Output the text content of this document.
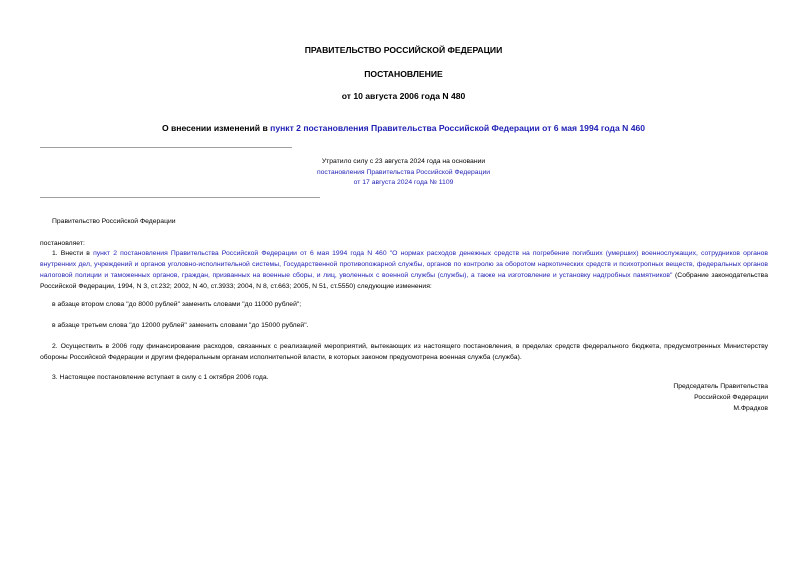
ПРАВИТЕЛЬСТВО РОССИЙСКОЙ ФЕДЕРАЦИИ
ПОСТАНОВЛЕНИЕ
от 10 августа 2006 года N 480
О внесении изменений в пункт 2 постановления Правительства Российской Федерации от 6 мая 1994 года N 460
Утратило силу с 23 августа 2024 года на основании
постановления Правительства Российской Федерации
от 17 августа 2024 года № 1109
Правительство Российской Федерации
постановляет:
1. Внести в пункт 2 постановления Правительства Российской Федерации от 6 мая 1994 года N 460 "О нормах расходов денежных средств на погребение погибших (умерших) военнослужащих, сотрудников органов внутренних дел, учреждений и органов уголовно-исполнительной системы, Государственной противопожарной службы, органов по контролю за оборотом наркотических средств и психотропных веществ, федеральных органов налоговой полиции и таможенных органов, граждан, призванных на военные сборы, и лиц, уволенных с военной службы (службы), а также на изготовление и установку надгробных памятников" (Собрание законодательства Российской Федерации, 1994, N 3, ст.232; 2002, N 40, ст.3933; 2004, N 8, ст.663; 2005, N 51, ст.5550) следующие изменения:
в абзаце втором слова "до 8000 рублей" заменить словами "до 11000 рублей";
в абзаце третьем слова "до 12000 рублей" заменить словами "до 15000 рублей".
2. Осуществить в 2006 году финансирование расходов, связанных с реализацией мероприятий, вытекающих из настоящего постановления, в пределах средств федерального бюджета, предусмотренных Министерству обороны Российской Федерации и другим федеральным органам исполнительной власти, в которых законом предусмотрена военная служба (служба).
3. Настоящее постановление вступает в силу с 1 октября 2006 года.
Председатель Правительства
Российской Федерации
М.Фрадков
